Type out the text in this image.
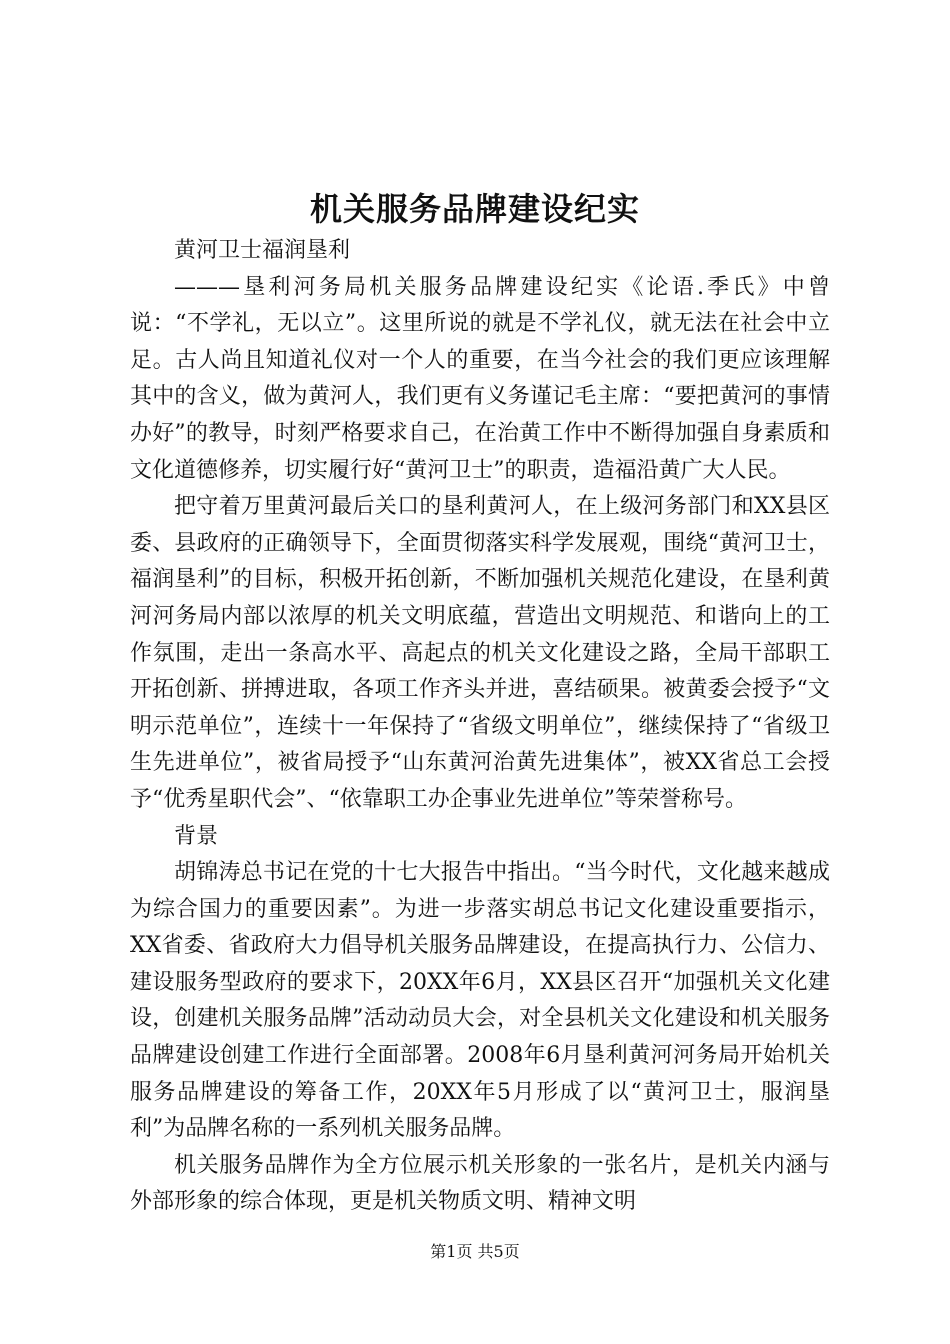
机关服务品牌建设纪实

黄河卫士福润垦利

———垦利河务局机关服务品牌建设纪实《论语.季氏》中曾说：“不学礼，无以立”。这里所说的就是不学礼仪，就无法在社会中立足。古人尚且知道礼仪对一个人的重要，在当今社会的我们更应该理解其中的含义，做为黄河人，我们更有义务谨记毛主席：“要把黄河的事情办好”的教导，时刻严格要求自己，在治黄工作中不断得加强自身素质和文化道德修养，切实履行好“黄河卫士”的职责，造福沿黄广大人民。

把守着万里黄河最后关口的垦利黄河人，在上级河务部门和XX县区委、县政府的正确领导下，全面贯彻落实科学发展观，围绕“黄河卫士，福润垦利”的目标，积极开拓创新，不断加强机关规范化建设，在垦利黄河河务局内部以浓厚的机关文明底蕴，营造出文明规范、和谐向上的工作氛围，走出一条高水平、高起点的机关文化建设之路，全局干部职工开拓创新、拼搏进取，各项工作齐头并进，喜结硕果。被黄委会授予“文明示范单位”，连续十一年保持了“省级文明单位”，继续保持了“省级卫生先进单位”，被省局授予“山东黄河治黄先进集体”，被XX省总工会授予“优秀星职代会”、“依靠职工办企事业先进单位”等荣誉称号。

背景

胡锦涛总书记在党的十七大报告中指出。“当今时代，文化越来越成为综合国力的重要因素”。为进一步落实胡总书记文化建设重要指示，XX省委、省政府大力倡导机关服务品牌建设，在提高执行力、公信力、建设服务型政府的要求下，20XX年6月，XX县区召开“加强机关文化建设，创建机关服务品牌”活动动员大会，对全县机关文化建设和机关服务品牌建设创建工作进行全面部署。2008年6月垦利黄河河务局开始机关服务品牌建设的筹备工作，20XX年5月形成了以“黄河卫士，服润垦利”为品牌名称的一系列机关服务品牌。

机关服务品牌作为全方位展示机关形象的一张名片，是机关内涵与外部形象的综合体现，更是机关物质文明、精神文明

第1页 共5页
